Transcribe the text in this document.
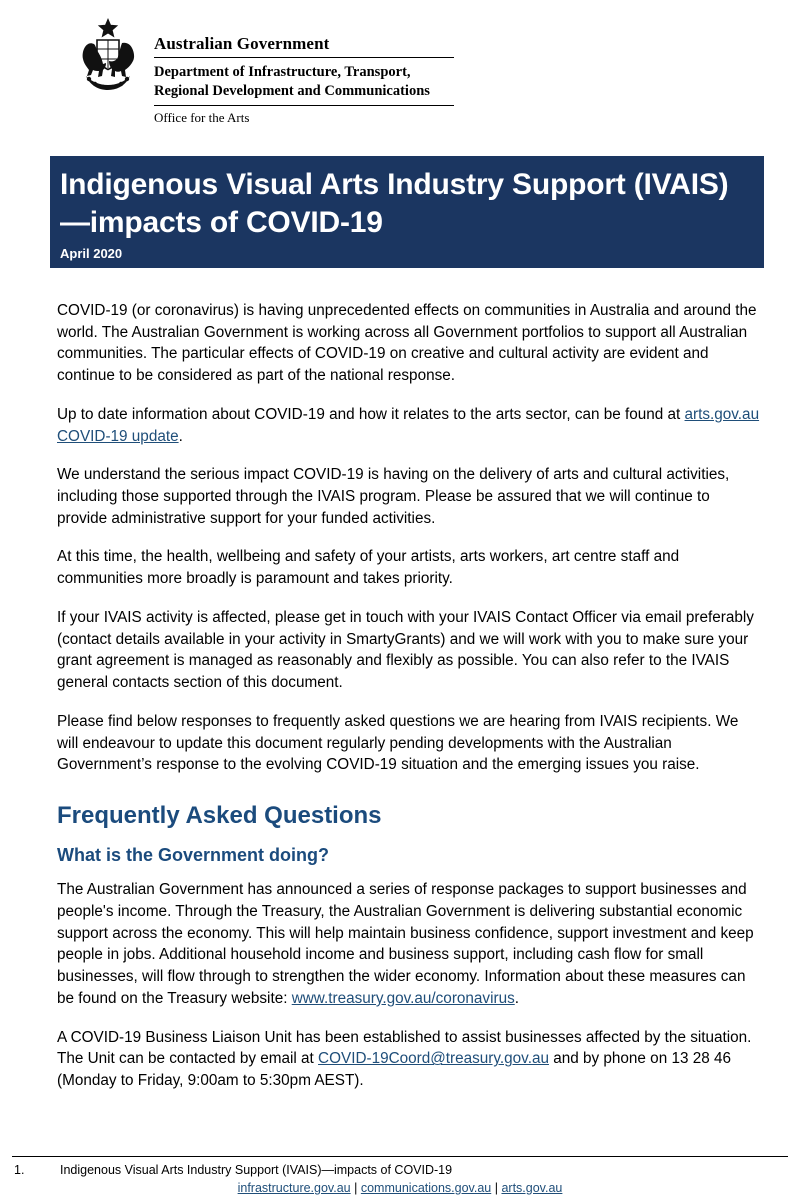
Australian Government
Department of Infrastructure, Transport,
Regional Development and Communications
Office for the Arts
Indigenous Visual Arts Industry Support (IVAIS)—impacts of COVID-19
April 2020

COVID-19 (or coronavirus) is having unprecedented effects on communities in Australia and around the world. The Australian Government is working across all Government portfolios to support all Australian communities. The particular effects of COVID-19 on creative and cultural activity are evident and continue to be considered as part of the national response.

Up to date information about COVID-19 and how it relates to the arts sector, can be found at arts.gov.au COVID-19 update.

We understand the serious impact COVID-19 is having on the delivery of arts and cultural activities, including those supported through the IVAIS program. Please be assured that we will continue to provide administrative support for your funded activities.

At this time, the health, wellbeing and safety of your artists, arts workers, art centre staff and communities more broadly is paramount and takes priority.

If your IVAIS activity is affected, please get in touch with your IVAIS Contact Officer via email preferably (contact details available in your activity in SmartyGrants) and we will work with you to make sure your grant agreement is managed as reasonably and flexibly as possible. You can also refer to the IVAIS general contacts section of this document.

Please find below responses to frequently asked questions we are hearing from IVAIS recipients. We will endeavour to update this document regularly pending developments with the Australian Government’s response to the evolving COVID-19 situation and the emerging issues you raise.

Frequently Asked Questions
What is the Government doing?

The Australian Government has announced a series of response packages to support businesses and people's income. Through the Treasury, the Australian Government is delivering substantial economic support across the economy. This will help maintain business confidence, support investment and keep people in jobs. Additional household income and business support, including cash flow for small businesses, will flow through to strengthen the wider economy. Information about these measures can be found on the Treasury website: www.treasury.gov.au/coronavirus.

A COVID-19 Business Liaison Unit has been established to assist businesses affected by the situation. The Unit can be contacted by email at COVID-19Coord@treasury.gov.au and by phone on 13 28 46 (Monday to Friday, 9:00am to 5:30pm AEST).

1.	Indigenous Visual Arts Industry Support (IVAIS)—impacts of COVID-19
infrastructure.gov.au | communications.gov.au | arts.gov.au
